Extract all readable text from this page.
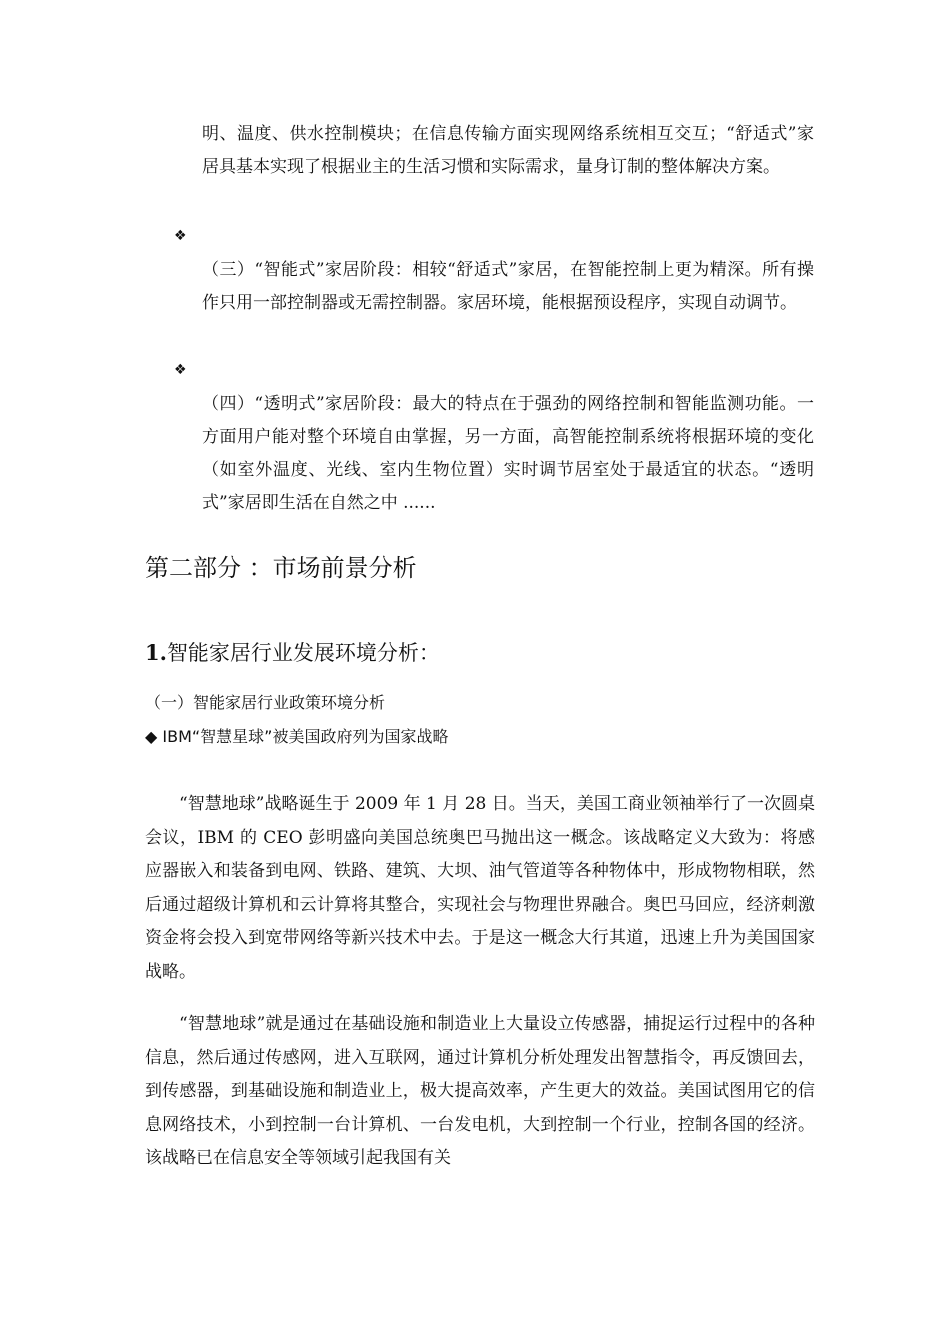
明、温度、供水控制模块；在信息传输方面实现网络系统相互交互；“舒适式”家居具基本实现了根据业主的生活习惯和实际需求，量身订制的整体解决方案。

❖

（三）“智能式”家居阶段：相较“舒适式”家居，在智能控制上更为精深。所有操作只用一部控制器或无需控制器。家居环境，能根据预设程序，实现自动调节。

❖

（四）“透明式”家居阶段：最大的特点在于强劲的网络控制和智能监测功能。一方面用户能对整个环境自由掌握，另一方面，高智能控制系统将根据环境的变化（如室外温度、光线、室内生物位置）实时调节居室处于最适宜的状态。“透明式”家居即生活在自然之中 ......

第二部分 ：市场前景分析
1.智能家居行业发展环境分析：

（一）智能家居行业政策环境分析

◆ IBM“智慧星球”被美国政府列为国家战略

“智慧地球”战略诞生于 2009 年 1 月 28 日。当天，美国工商业领袖举行了一次圆桌会议，IBM 的 CEO 彭明盛向美国总统奥巴马抛出这一概念。该战略定义大致为：将感应器嵌入和装备到电网、铁路、建筑、大坝、油气管道等各种物体中，形成物物相联，然后通过超级计算机和云计算将其整合，实现社会与物理世界融合。奥巴马回应，经济刺激资金将会投入到宽带网络等新兴技术中去。于是这一概念大行其道，迅速上升为美国国家战略。

“智慧地球”就是通过在基础设施和制造业上大量设立传感器，捕捉运行过程中的各种信息，然后通过传感网，进入互联网，通过计算机分析处理发出智慧指令，再反馈回去，到传感器，到基础设施和制造业上，极大提高效率，产生更大的效益。美国试图用它的信息网络技术，小到控制一台计算机、一台发电机，大到控制一个行业，控制各国的经济。该战略已在信息安全等领域引起我国有关
